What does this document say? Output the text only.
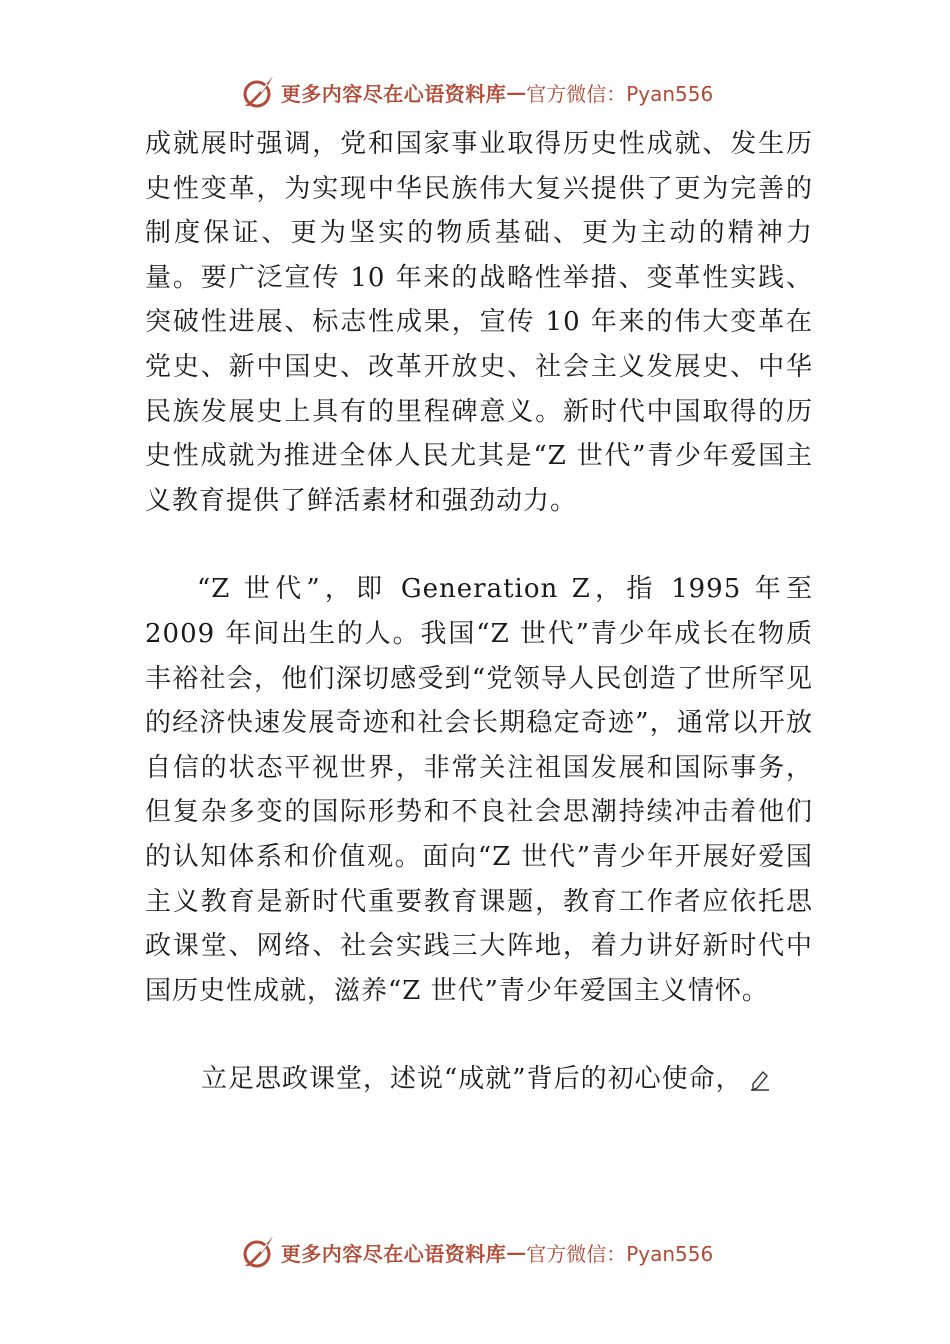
更多内容尽在心语资料库 — 官方微信：Pyan556

成就展时强调，党和国家事业取得历史性成就、发生历史性变革，为实现中华民族伟大复兴提供了更为完善的制度保证、更为坚实的物质基础、更为主动的精神力量。要广泛宣传 10 年来的战略性举措、变革性实践、突破性进展、标志性成果，宣传 10 年来的伟大变革在党史、新中国史、改革开放史、社会主义发展史、中华民族发展史上具有的里程碑意义。新时代中国取得的历史性成就为推进全体人民尤其是“Z 世代”青少年爱国主义教育提供了鲜活素材和强劲动力。

“Z 世代”，即 Generation Z，指 1995 年至 2009 年间出生的人。我国“Z 世代”青少年成长在物质丰裕社会，他们深切感受到“党领导人民创造了世所罕见的经济快速发展奇迹和社会长期稳定奇迹”，通常以开放自信的状态平视世界，非常关注祖国发展和国际事务，但复杂多变的国际形势和不良社会思潮持续冲击着他们的认知体系和价值观。面向“Z 世代”青少年开展好爱国主义教育是新时代重要教育课题，教育工作者应依托思政课堂、网络、社会实践三大阵地，着力讲好新时代中国历史性成就，滋养“Z 世代”青少年爱国主义情怀。

立足思政课堂，述说“成就”背后的初心使命，
更多内容尽在心语资料库 — 官方微信：Pyan556
